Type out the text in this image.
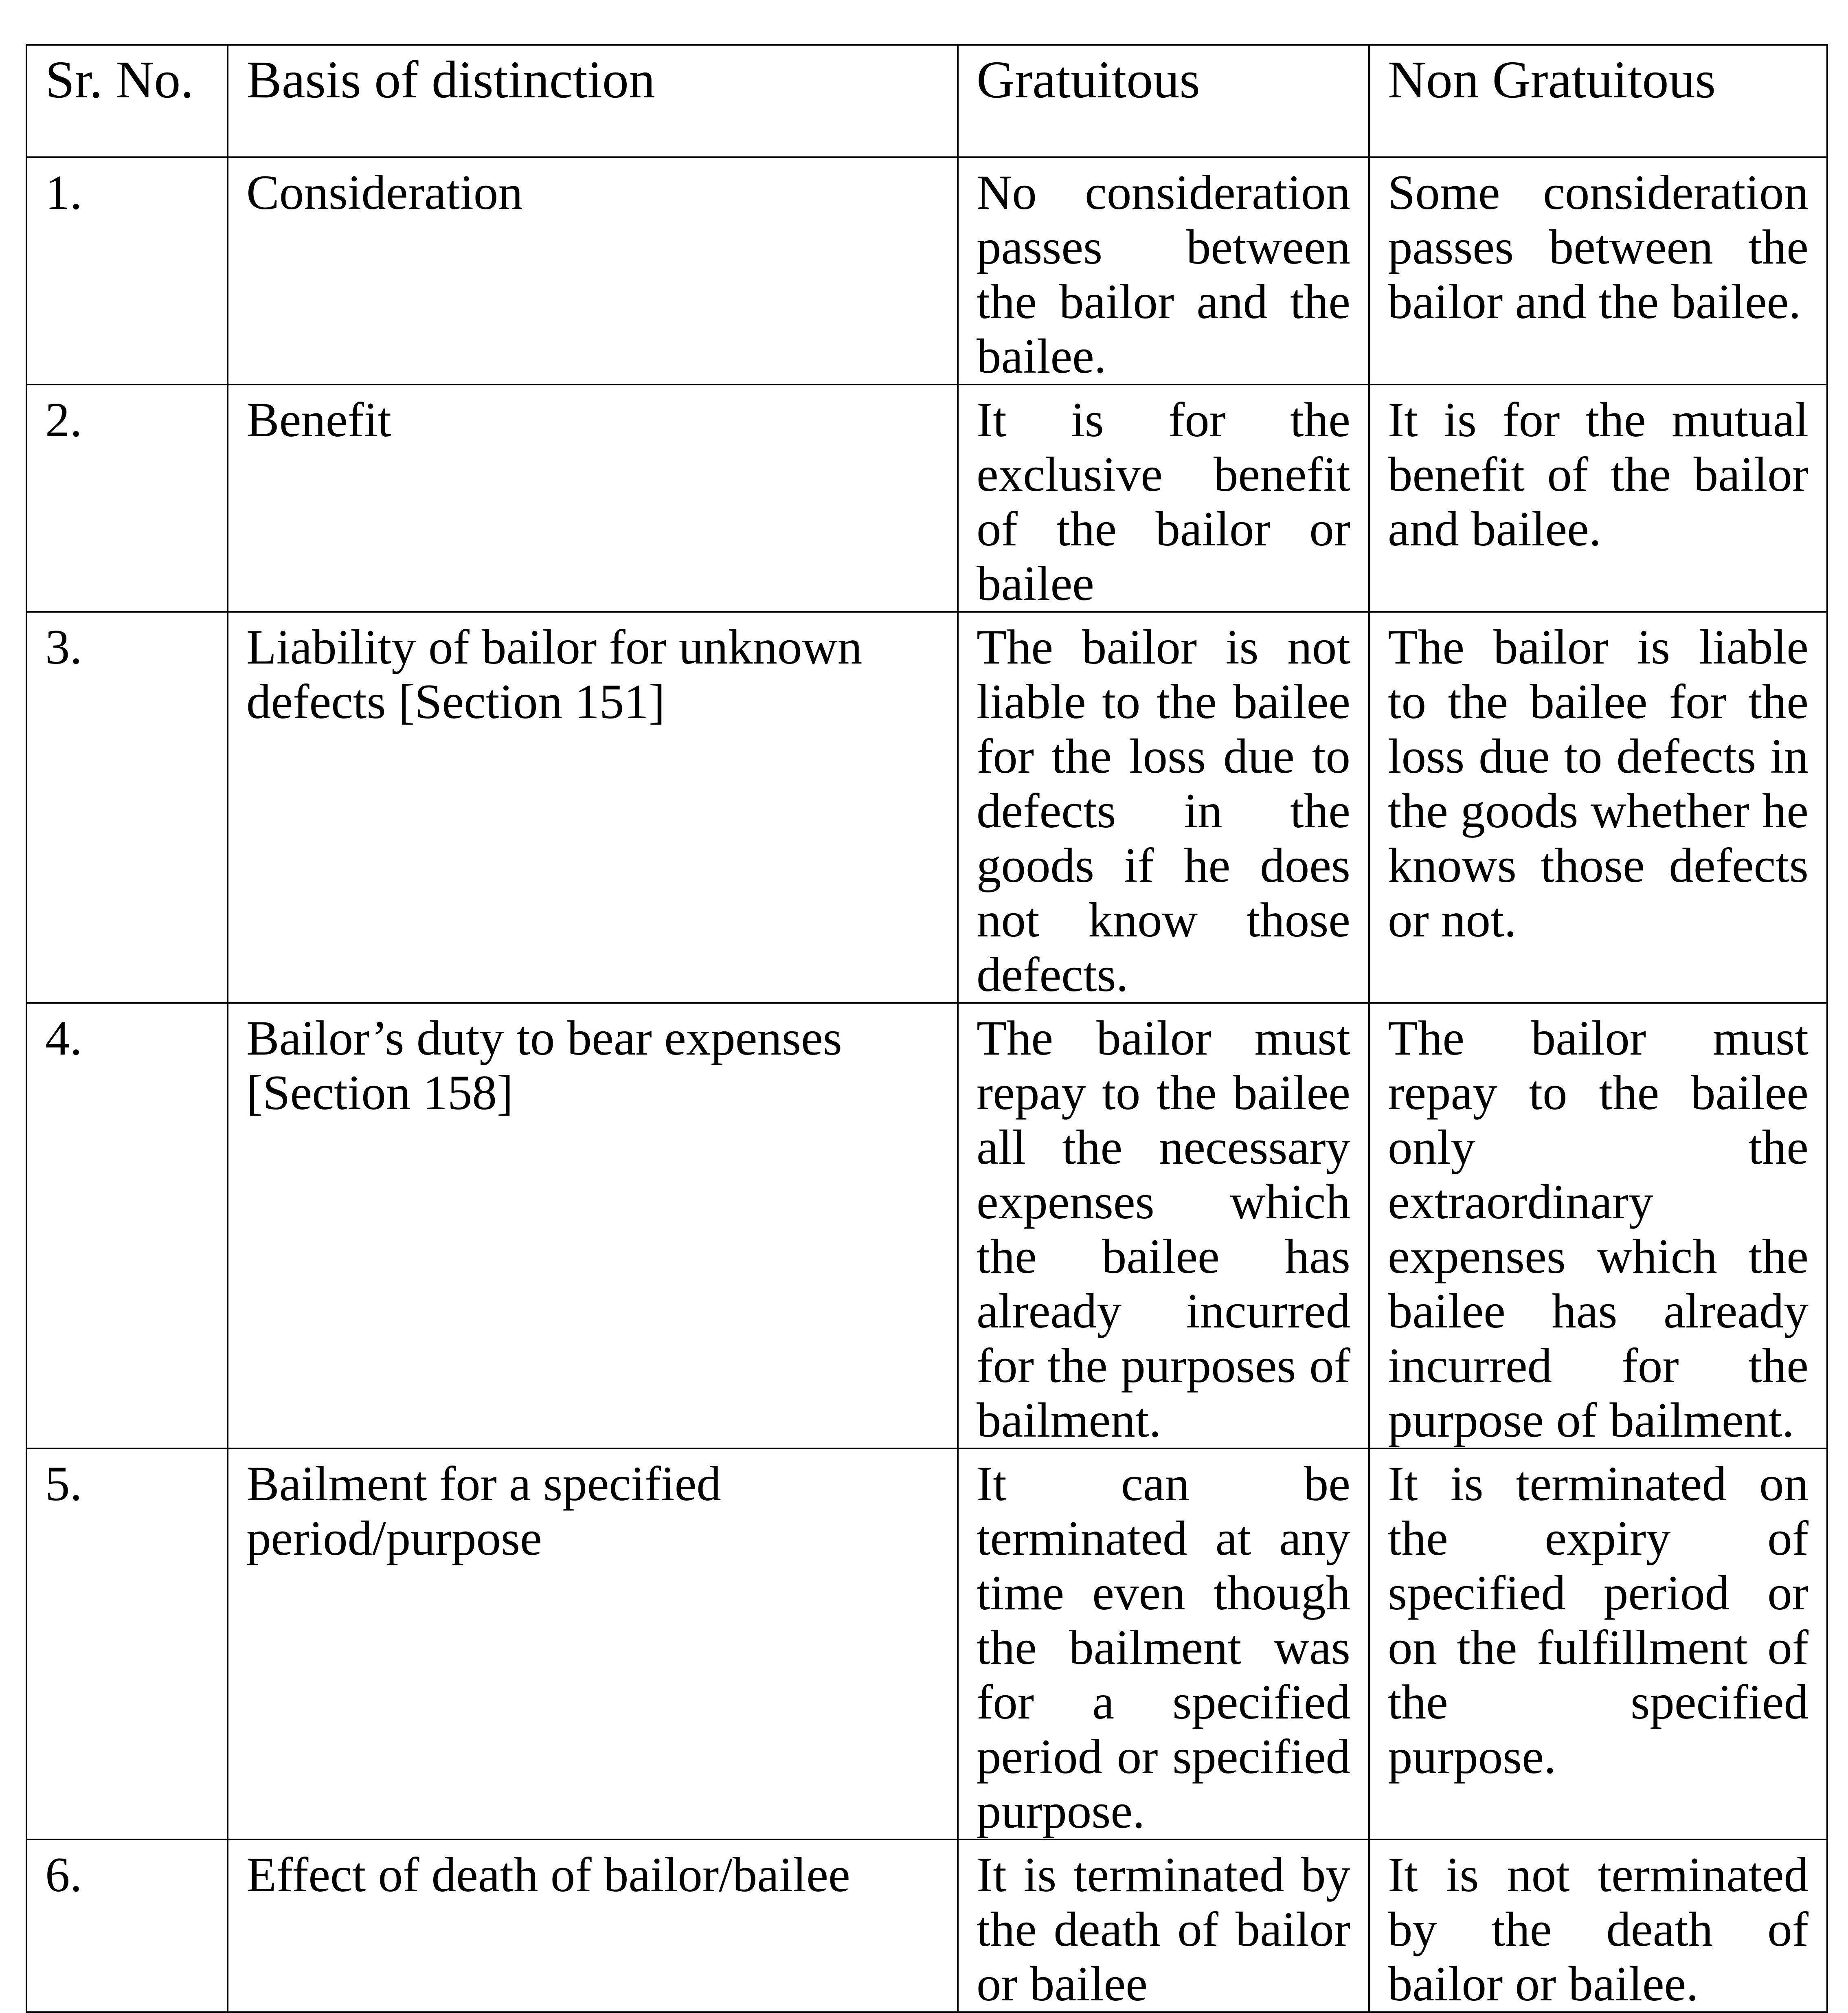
Sr. No.	Basis of distinction	Gratuitous	Non Gratuitous
1.	Consideration	No consideration passes between the bailor and the bailee.	Some consideration passes between the bailor and the bailee.
2.	Benefit	It is for the exclusive benefit of the bailor or bailee	It is for the mutual benefit of the bailor and bailee.
3.	Liability of bailor for unknown defects [Section 151]	The bailor is not liable to the bailee for the loss due to defects in the goods if he does not know those defects.	The bailor is liable to the bailee for the loss due to defects in the goods whether he knows those defects or not.
4.	Bailor’s duty to bear expenses [Section 158]	The bailor must repay to the bailee all the necessary expenses which the bailee has already incurred for the purposes of bailment.	The bailor must repay to the bailee only the extraordinary expenses which the bailee has already incurred for the purpose of bailment.
5.	Bailment for a specified period/purpose	It can be terminated at any time even though the bailment was for a specified period or specified purpose.	It is terminated on the expiry of specified period or on the fulfillment of the specified purpose.
6.	Effect of death of bailor/bailee	It is terminated by the death of bailor or bailee	It is not terminated by the death of bailor or bailee.
